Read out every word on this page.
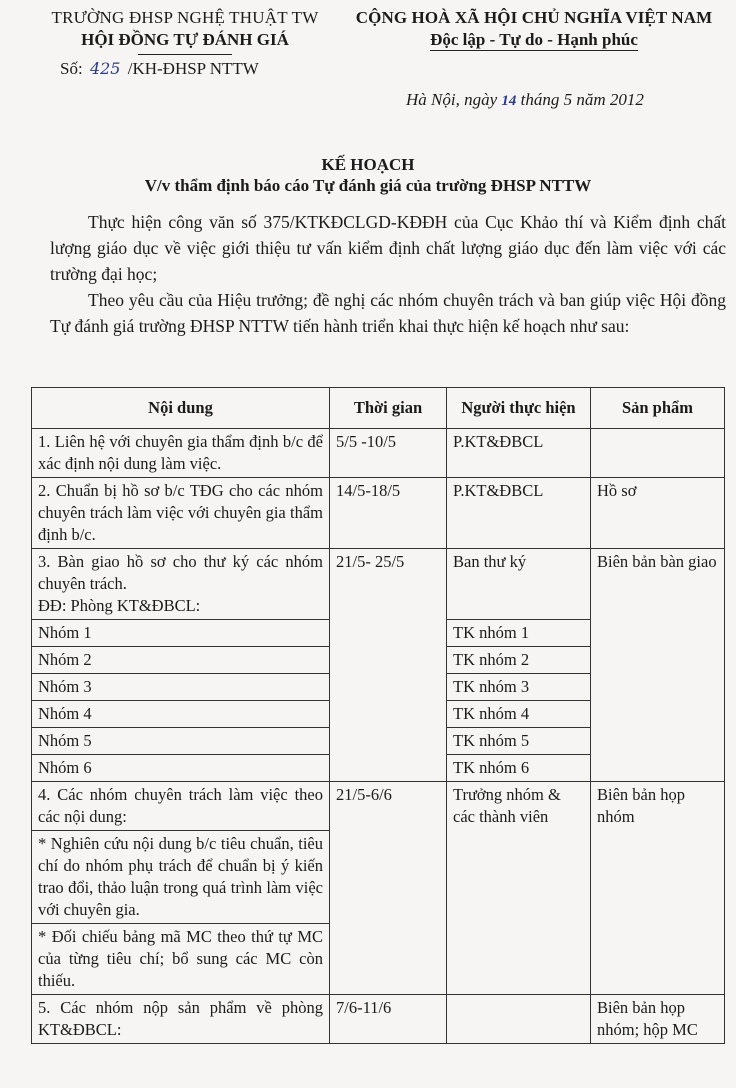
TRƯỜNG ĐHSP NGHỆ THUẬT TW
HỘI ĐỒNG TỰ ĐÁNH GIÁ
Số: 425 /KH-ĐHSP NTTW
CỘNG HOÀ XÃ HỘI CHỦ NGHĨA VIỆT NAM
Độc lập - Tự do - Hạnh phúc
Hà Nội, ngày 14 tháng 5 năm 2012
KẾ HOẠCH
V/v thẩm định báo cáo Tự đánh giá của trường ĐHSP NTTW
Thực hiện công văn số 375/KTKĐCLGD-KĐĐH của Cục Khảo thí và Kiểm định chất lượng giáo dục về việc giới thiệu tư vấn kiểm định chất lượng giáo dục đến làm việc với các trường đại học;
Theo yêu cầu của Hiệu trưởng; đề nghị các nhóm chuyên trách và ban giúp việc Hội đồng Tự đánh giá trường ĐHSP NTTW tiến hành triển khai thực hiện kế hoạch như sau:
Nội dung	Thời gian	Người thực hiện	Sản phẩm
1. Liên hệ với chuyên gia thẩm định b/c để xác định nội dung làm việc.	5/5 -10/5	P.KT&ĐBCL	
2. Chuẩn bị hồ sơ b/c TĐG cho các nhóm chuyên trách làm việc với chuyên gia thẩm định b/c.	14/5-18/5	P.KT&ĐBCL	Hồ sơ

3. Bàn giao hồ sơ cho thư ký các nhóm chuyên trách.
ĐĐ: Phòng KT&ĐBCL:	21/5- 25/5	Ban thư ký	Biên bản bàn giao
Nhóm 1		TK nhóm 1	
Nhóm 2		TK nhóm 2	
Nhóm 3		TK nhóm 3	
Nhóm 4		TK nhóm 4	
Nhóm 5		TK nhóm 5	
Nhóm 6		TK nhóm 6	
4. Các nhóm chuyên trách làm việc theo các nội dung:	21/5-6/6	Trưởng nhóm & các thành viên	Biên bản họp nhóm
* Nghiên cứu nội dung b/c tiêu chuẩn, tiêu chí do nhóm phụ trách để chuẩn bị ý kiến trao đổi, thảo luận trong quá trình làm việc với chuyên gia.			
* Đối chiếu bảng mã MC theo thứ tự MC của từng tiêu chí; bổ sung các MC còn thiếu.			
5. Các nhóm nộp sản phẩm về phòng KT&ĐBCL:	7/6-11/6		Biên bản họp nhóm; hộp MC
